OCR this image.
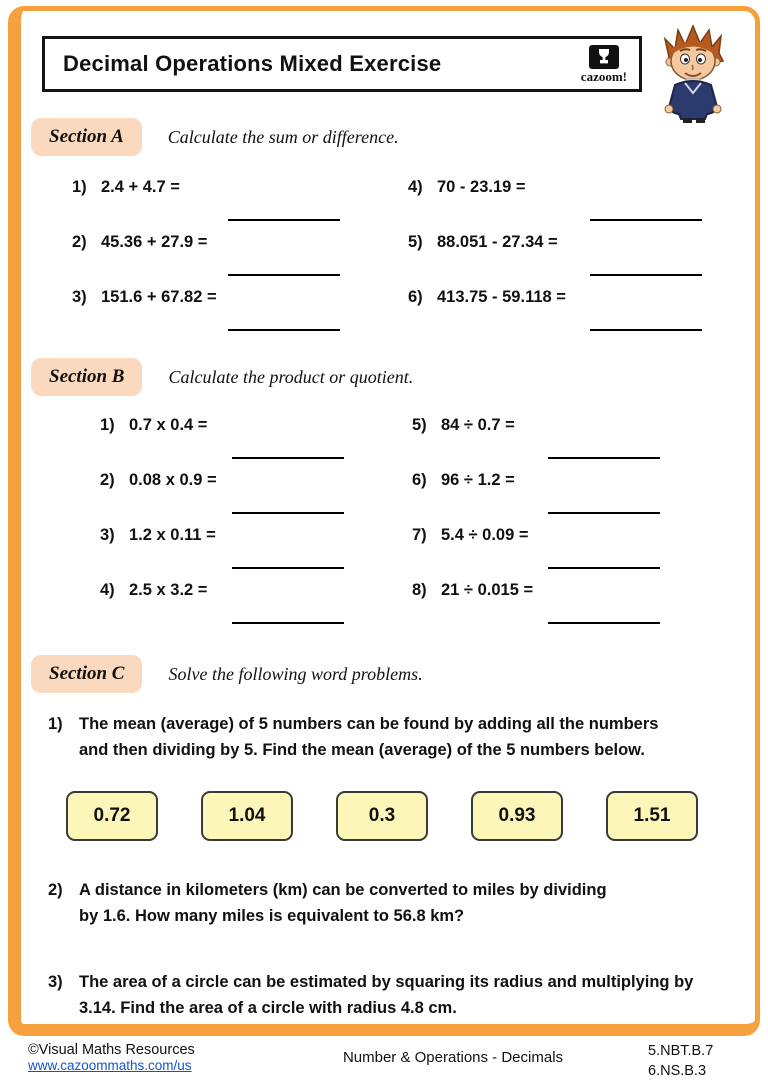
Decimal Operations Mixed Exercise
cazoom!
Section A	Calculate the sum or difference.
1) 2.4 + 4.7 =	4) 70 - 23.19 =
2) 45.36 + 27.9 =	5) 88.051 - 27.34 =
3) 151.6 + 67.82 =	6) 413.75 - 59.118 =
Section B	Calculate the product or quotient.
1) 0.7 x 0.4 =	5) 84 ÷ 0.7 =
2) 0.08 x 0.9 =	6) 96 ÷ 1.2 =
3) 1.2 x 0.11 =	7) 5.4 ÷ 0.09 =
4) 2.5 x 3.2 =	8) 21 ÷ 0.015 =
Section C	Solve the following word problems.
1) The mean (average) of 5 numbers can be found by adding all the numbers
and then dividing by 5. Find the mean (average) of the 5 numbers below.
0.72	1.04	0.3	0.93	1.51
2) A distance in kilometers (km) can be converted to miles by dividing
by 1.6. How many miles is equivalent to 56.8 km?
3) The area of a circle can be estimated by squaring its radius and multiplying by
3.14. Find the area of a circle with radius 4.8 cm.
©Visual Maths Resources
www.cazoommaths.com/us	Number & Operations - Decimals	5.NBT.B.7
6.NS.B.3
